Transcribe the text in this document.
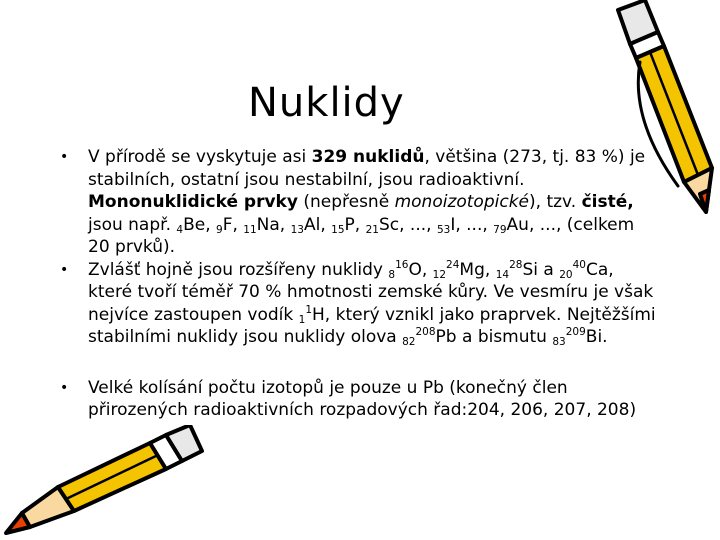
Nuklidy
• V přírodě se vyskytuje asi 329 nuklidů, většina (273, tj. 83 %) je stabilních, ostatní jsou nestabilní, jsou radioaktivní. Mononuklidické prvky (nepřesně monoizotopické), tzv. čisté, jsou např. $_4$Be, $_9$F, $_{11}$Na, $_{13}$Al, $_{15}$P, $_{21}$Sc, ..., $_{53}$I, ..., $_{79}$Au, ..., (celkem 20 prvků).
• Zvlášť hojně jsou rozšířeny nuklidy $_8^{16}$O, $_{12}^{24}$Mg, $_{14}^{28}$Si a $_{20}^{40}$Ca, které tvoří téměř 70 % hmotnosti zemské kůry. Ve vesmíru je však nejvíce zastoupen vodík $_1^1$H, který vznikl jako praprvek. Nejtěžšími stabilními nuklidy jsou nuklidy olova $_{82}^{208}$Pb a bismutu $_{83}^{209}$Bi.
• Velké kolísání počtu izotopů je pouze u Pb (konečný člen přirozených radioaktivních rozpadových řad:204, 206, 207, 208)
